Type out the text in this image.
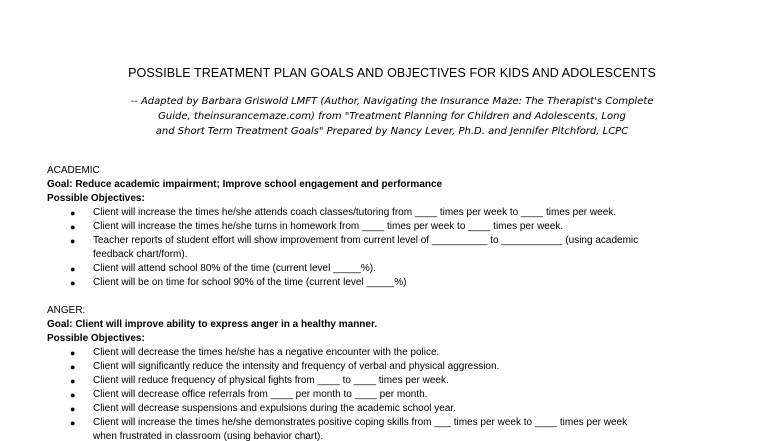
POSSIBLE TREATMENT PLAN GOALS AND OBJECTIVES FOR KIDS AND ADOLESCENTS
-- Adapted by Barbara Griswold LMFT (Author, Navigating the Insurance Maze: The Therapist's Complete
Guide, theinsurancemaze.com) from "Treatment Planning for Children and Adolescents, Long
and Short Term Treatment Goals" Prepared by Nancy Lever, Ph.D. and Jennifer Pitchford, LCPC
ACADEMIC
Goal: Reduce academic impairment; Improve school engagement and performance
Possible Objectives:
● Client will increase the times he/she attends coach classes/tutoring from ____ times per week to ____ times per week.
● Client will increase the times he/she turns in homework from ____ times per week to ____ times per week.
● Teacher reports of student effort will show improvement from current level of __________ to ___________ (using academic
feedback chart/form).
● Client will attend school 80% of the time (current level _____%).
● Client will be on time for school 90% of the time (current level _____%)
ANGER:
Goal: Client will improve ability to express anger in a healthy manner.
Possible Objectives:
● Client will decrease the times he/she has a negative encounter with the police.
● Client will significantly reduce the intensity and frequency of verbal and physical aggression.
● Client will reduce frequency of physical fights from ____ to ____ times per week.
● Client will decrease office referrals from ____ per month to ____ per month.
● Client will decrease suspensions and expulsions during the academic school year.
● Client will increase the times he/she demonstrates positive coping skills from ___ times per week to ____ times per week
when frustrated in classroom (using behavior chart).
